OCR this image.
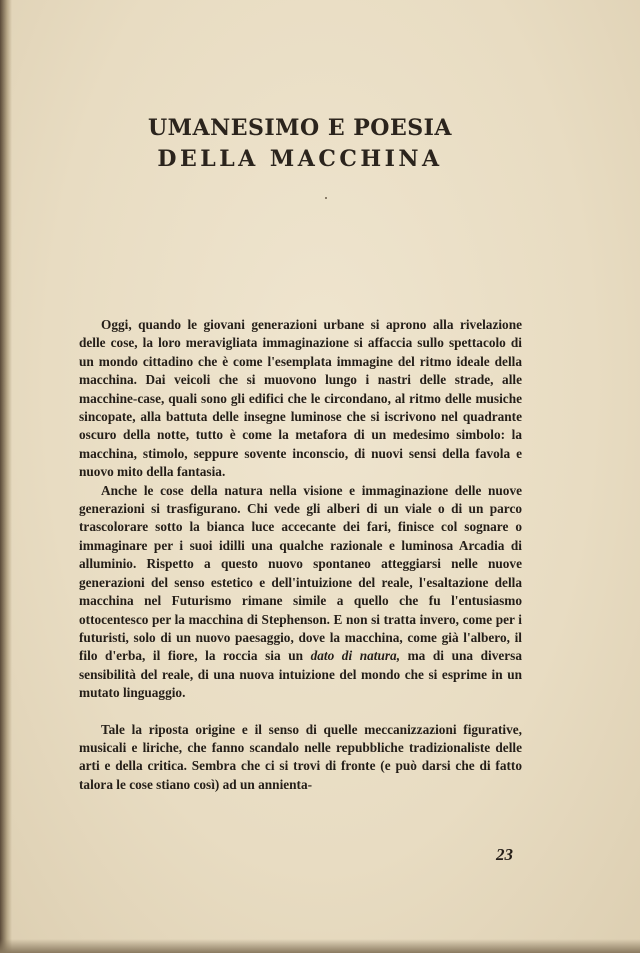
UMANESIMO E POESIA
DELLA MACCHINA

Oggi, quando le giovani generazioni urbane si aprono alla rivelazione delle cose, la loro meravigliata immaginazione si affaccia sullo spettacolo di un mondo cittadino che è come l'esemplata immagine del ritmo ideale della macchina. Dai veicoli che si muovono lungo i nastri delle strade, alle macchine-case, quali sono gli edifici che le circondano, al ritmo delle musiche sincopate, alla battuta delle insegne luminose che si iscrivono nel quadrante oscuro della notte, tutto è come la metafora di un medesimo simbolo: la macchina, stimolo, seppure sovente inconscio, di nuovi sensi della favola e nuovo mito della fantasia.

Anche le cose della natura nella visione e immaginazione delle nuove generazioni si trasfigurano. Chi vede gli alberi di un viale o di un parco trascolorare sotto la bianca luce accecante dei fari, finisce col sognare o immaginare per i suoi idilli una qualche razionale e luminosa Arcadia di alluminio. Rispetto a questo nuovo spontaneo atteggiarsi nelle nuove generazioni del senso estetico e dell'intuizione del reale, l'esaltazione della macchina nel Futurismo rimane simile a quello che fu l'entusiasmo ottocentesco per la macchina di Stephenson. E non si tratta invero, come per i futuristi, solo di un nuovo paesaggio, dove la macchina, come già l'albero, il filo d'erba, il fiore, la roccia sia un dato di natura, ma di una diversa sensibilità del reale, di una nuova intuizione del mondo che si esprime in un mutato linguaggio.

Tale la riposta origine e il senso di quelle meccanizzazioni figurative, musicali e liriche, che fanno scandalo nelle repubbliche tradizionaliste delle arti e della critica. Sembra che ci si trovi di fronte (e può darsi che di fatto talora le cose stiano così) ad un annienta-

23
